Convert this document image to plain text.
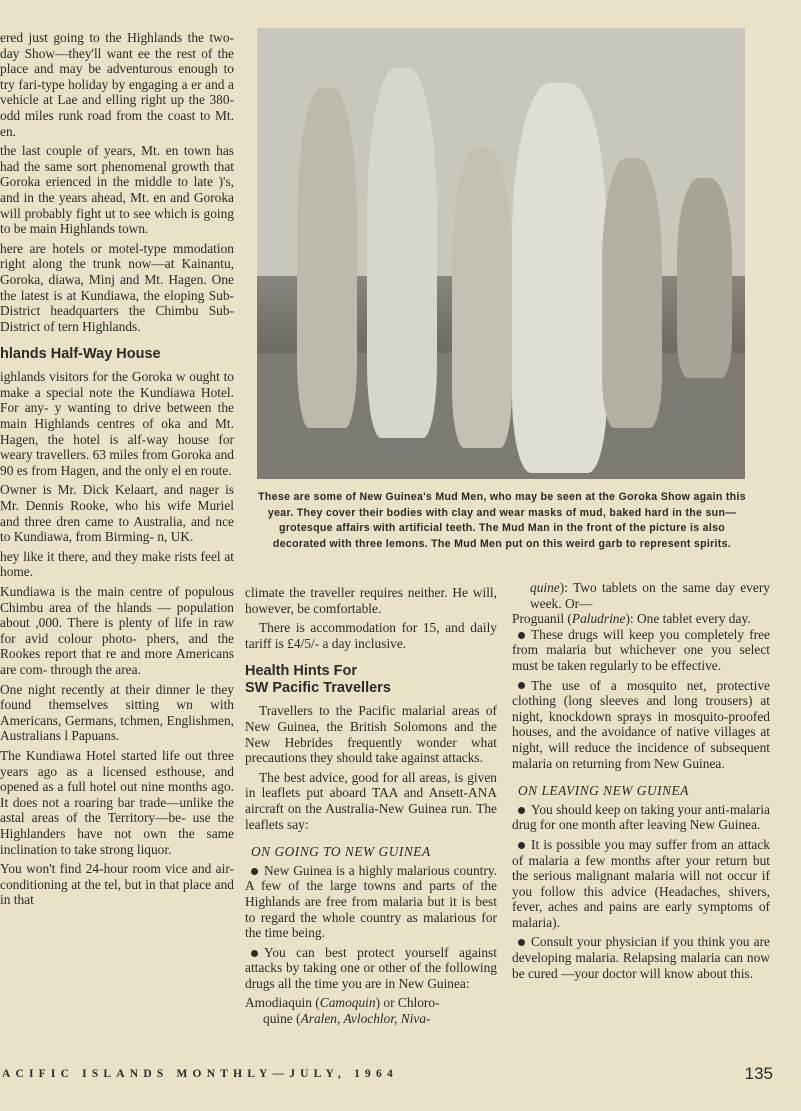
ered just going to the Highlands the two-day Show—they'll want ee the rest of the place and may be adventurous enough to try fari-type holiday by engaging a er and a vehicle at Lae and elling right up the 380-odd miles runk road from the coast to Mt. en.

the last couple of years, Mt. en town has had the same sort phenomenal growth that Goroka erienced in the middle to late )'s, and in the years ahead, Mt. en and Goroka will probably fight ut to see which is going to be main Highlands town.

here are hotels or motel-type mmodation right along the trunk now—at Kainantu, Goroka, diawa, Minj and Mt. Hagen. One the latest is at Kundiawa, the eloping Sub-District headquarters the Chimbu Sub-District of tern Highlands.

hlands Half-Way House

ighlands visitors for the Goroka w ought to make a special note the Kundiawa Hotel. For any- y wanting to drive between the main Highlands centres of oka and Mt. Hagen, the hotel is alf-way house for weary travellers. 63 miles from Goroka and 90 es from Hagen, and the only el en route.

Owner is Mr. Dick Kelaart, and nager is Mr. Dennis Rooke, who his wife Muriel and three dren came to Australia, and nce to Kundiawa, from Birming- n, UK.

hey like it there, and they make rists feel at home.

Kundiawa is the main centre of populous Chimbu area of the hlands — population about ,000. There is plenty of life in raw for avid colour photo- phers, and the Rookes report that re and more Americans are com- through the area.

One night recently at their dinner le they found themselves sitting wn with Americans, Germans, tchmen, Englishmen, Australians l Papuans.

The Kundiawa Hotel started life out three years ago as a licensed esthouse, and opened as a full hotel out nine months ago. It does not a roaring bar trade—unlike the astal areas of the Territory—be- use the Highlanders have not own the same inclination to take strong liquor.

You won't find 24-hour room vice and air-conditioning at the tel, but in that place and in that

These are some of New Guinea's Mud Men, who may be seen at the Goroka Show again this year. They cover their bodies with clay and wear masks of mud, baked hard in the sun—grotesque affairs with artificial teeth. The Mud Man in the front of the picture is also decorated with three lemons. The Mud Men put on this weird garb to represent spirits.

climate the traveller requires neither. He will, however, be comfortable.

There is accommodation for 15, and daily tariff is £4/5/- a day inclusive.

Health Hints For
SW Pacific Travellers

Travellers to the Pacific malarial areas of New Guinea, the British Solomons and the New Hebrides frequently wonder what precautions they should take against attacks.

The best advice, good for all areas, is given in leaflets put aboard TAA and Ansett-ANA aircraft on the Australia-New Guinea run. The leaflets say:

ON GOING TO NEW GUINEA

New Guinea is a highly malarious country. A few of the large towns and parts of the Highlands are free from malaria but it is best to regard the whole country as malarious for the time being.

You can best protect yourself against attacks by taking one or other of the following drugs all the time you are in New Guinea:

Amodiaquin (Camoquin) or Chloro-

quine (Aralen, Avlochlor, Niva-

quine): Two tablets on the same day every week. Or—

Proguanil (Paludrine): One tablet every day.

These drugs will keep you completely free from malaria but whichever one you select must be taken regularly to be effective.

The use of a mosquito net, protective clothing (long sleeves and long trousers) at night, knockdown sprays in mosquito-proofed houses, and the avoidance of native villages at night, will reduce the incidence of subsequent malaria on returning from New Guinea.

ON LEAVING NEW GUINEA

You should keep on taking your anti-malaria drug for one month after leaving New Guinea.

It is possible you may suffer from an attack of malaria a few months after your return but the serious malignant malaria will not occur if you follow this advice (Headaches, shivers, fever, aches and pains are early symptoms of malaria).

Consult your physician if you think you are developing malaria. Relapsing malaria can now be cured —your doctor will know about this.

ACIFIC ISLANDS MONTHLY—JULY, 1964	135
